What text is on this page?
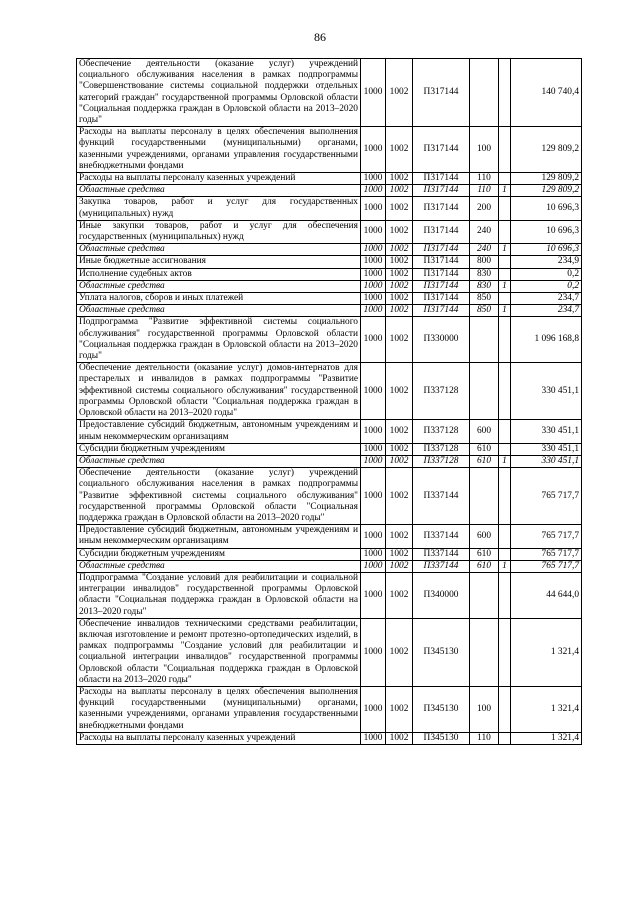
86
Обеспечение деятельности (оказание услуг) учреждений социального обслуживания населения в рамках подпрограммы "Совершенствование системы социальной поддержки отдельных категорий граждан" государственной программы Орловской области "Социальная поддержка граждан в Орловской области на 2013–2020 годы"	1000	1002	П317144			140 740,4
Расходы на выплаты персоналу в целях обеспечения выполнения функций государственными (муниципальными) органами, казенными учреждениями, органами управления государственными внебюджетными фондами	1000	1002	П317144	100		129 809,2
Расходы на выплаты персоналу казенных учреждений	1000	1002	П317144	110		129 809,2
Областные средства	1000	1002	П317144	110	1	129 809,2
Закупка товаров, работ и услуг для государственных (муниципальных) нужд	1000	1002	П317144	200		10 696,3
Иные закупки товаров, работ и услуг для обеспечения государственных (муниципальных) нужд	1000	1002	П317144	240		10 696,3
Областные средства	1000	1002	П317144	240	1	10 696,3
Иные бюджетные ассигнования	1000	1002	П317144	800		234,9
Исполнение судебных актов	1000	1002	П317144	830		0,2
Областные средства	1000	1002	П317144	830	1	0,2
Уплата налогов, сборов и иных платежей	1000	1002	П317144	850		234,7
Областные средства	1000	1002	П317144	850	1	234,7
Подпрограмма "Развитие эффективной системы социального обслуживания" государственной программы Орловской области "Социальная поддержка граждан в Орловской области на 2013–2020 годы"	1000	1002	П330000			1 096 168,8
Обеспечение деятельности (оказание услуг) домов-интернатов для престарелых и инвалидов в рамках подпрограммы "Развитие эффективной системы социального обслуживания" государственной программы Орловской области "Социальная поддержка граждан в Орловской области на 2013–2020 годы"	1000	1002	П337128			330 451,1
Предоставление субсидий бюджетным, автономным учреждениям и иным некоммерческим организациям	1000	1002	П337128	600		330 451,1
Субсидии бюджетным учреждениям	1000	1002	П337128	610		330 451,1
Областные средства	1000	1002	П337128	610	1	330 451,1
Обеспечение деятельности (оказание услуг) учреждений социального обслуживания населения в рамках подпрограммы "Развитие эффективной системы социального обслуживания" государственной программы Орловской области "Социальная поддержка граждан в Орловской области на 2013–2020 годы"	1000	1002	П337144			765 717,7
Предоставление субсидий бюджетным, автономным учреждениям и иным некоммерческим организациям	1000	1002	П337144	600		765 717,7
Субсидии бюджетным учреждениям	1000	1002	П337144	610		765 717,7
Областные средства	1000	1002	П337144	610	1	765 717,7
Подпрограмма "Создание условий для реабилитации и социальной интеграции инвалидов" государственной программы Орловской области "Социальная поддержка граждан в Орловской области на 2013–2020 годы"	1000	1002	П340000			44 644,0
Обеспечение инвалидов техническими средствами реабилитации, включая изготовление и ремонт протезно-ортопедических изделий, в рамках подпрограммы "Создание условий для реабилитации и социальной интеграции инвалидов" государственной программы Орловской области "Социальная поддержка граждан в Орловской области на 2013–2020 годы"	1000	1002	П345130			1 321,4
Расходы на выплаты персоналу в целях обеспечения выполнения функций государственными (муниципальными) органами, казенными учреждениями, органами управления государственными внебюджетными фондами	1000	1002	П345130	100		1 321,4
Расходы на выплаты персоналу казенных учреждений	1000	1002	П345130	110		1 321,4
